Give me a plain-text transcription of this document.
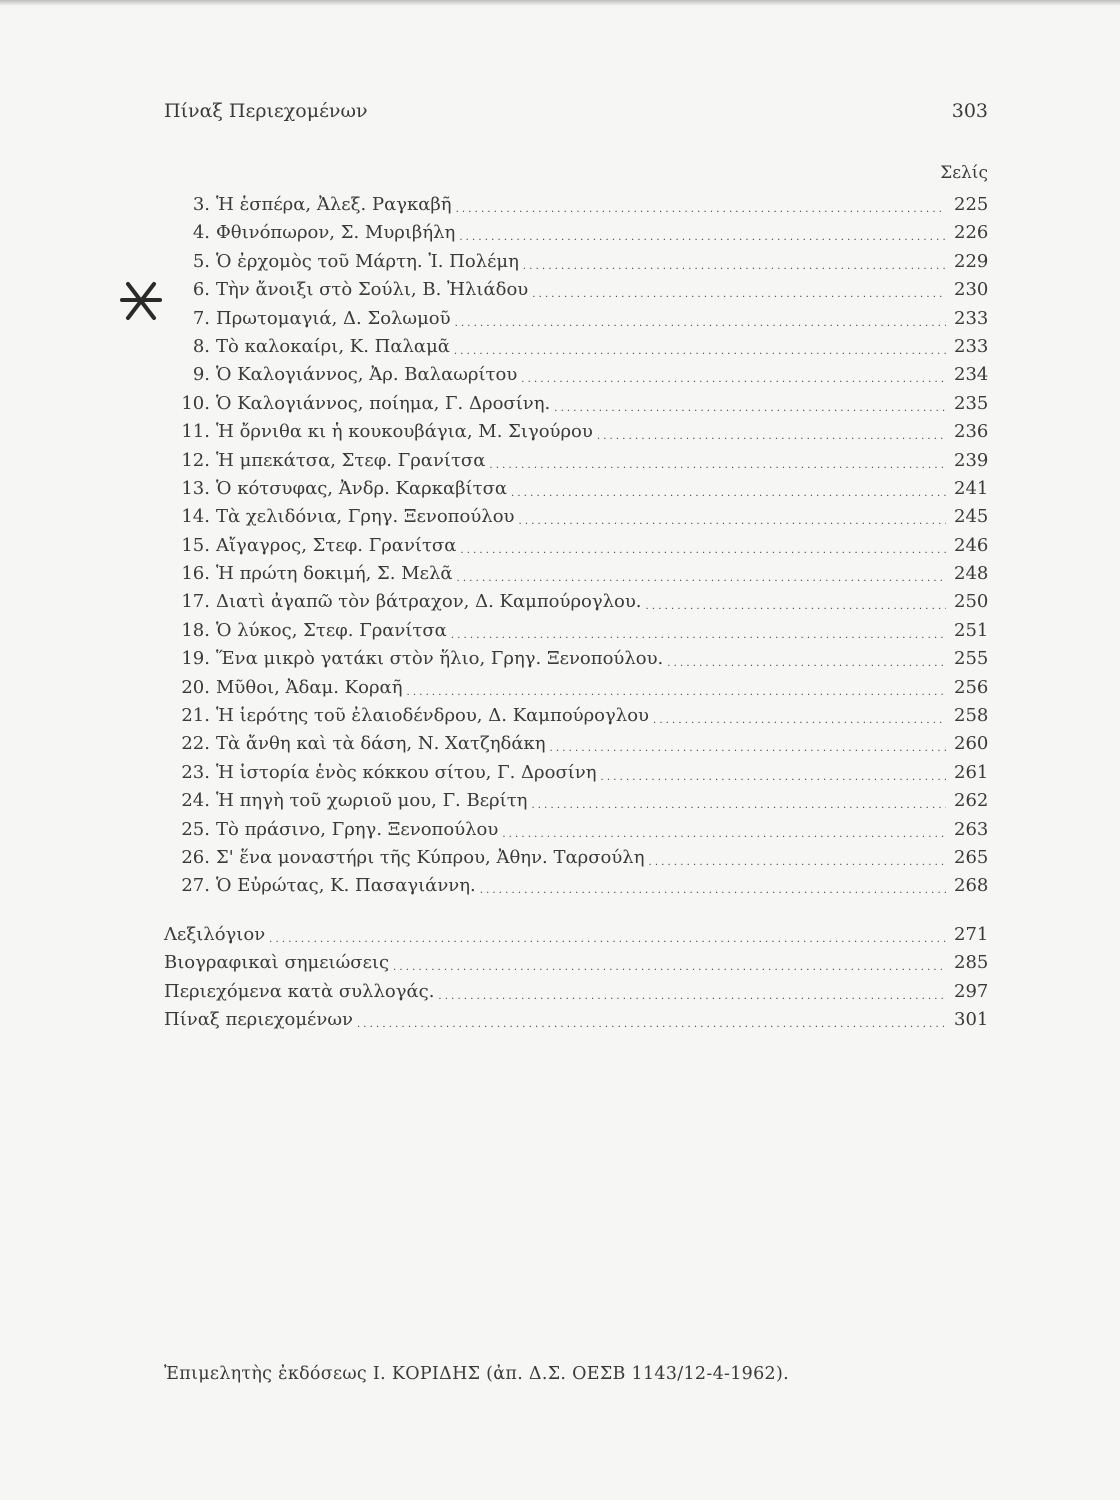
Πίναξ Περιεχομένων	303
Σελίς
3. Ἡ ἑσπέρα, Ἀλεξ. Ραγκαβῆ . . .	225
4. Φθινόπωρον, Σ. Μυριβήλη . . .	226
5. Ὁ ἐρχομὸς τοῦ Μάρτη. Ἰ. Πολέμη . . .	229
6. Τὴν ἄνοιξι στὸ Σούλι, Β. Ἠλιάδου . . .	230
7. Πρωτομαγιά, Δ. Σολωμοῦ . . .	233
8. Τὸ καλοκαίρι, Κ. Παλαμᾶ . . .	233
9. Ὁ Καλογιάννος, Ἀρ. Βαλαωρίτου . . .	234
10. Ὁ Καλογιάννος, ποίημα, Γ. Δροσίνη. . . .	235
11. Ἡ ὄρνιθα κι ἡ κουκουβάγια, Μ. Σιγούρου . . .	236
12. Ἡ μπεκάτσα, Στεφ. Γρανίτσα . . .	239
13. Ὁ κότσυφας, Ἀνδρ. Καρκαβίτσα . . .	241
14. Τὰ χελιδόνια, Γρηγ. Ξενοπούλου . . .	245
15. Αἴγαγρος, Στεφ. Γρανίτσα . . .	246
16. Ἡ πρώτη δοκιμή, Σ. Μελᾶ . . .	248
17. Διατὶ ἀγαπῶ τὸν βάτραχον, Δ. Καμπούρογλου. . . .	250
18. Ὁ λύκος, Στεφ. Γρανίτσα . . .	251
19. Ἕνα μικρὸ γατάκι στὸν ἥλιο, Γρηγ. Ξενοπούλου. . . .	255
20. Μῦθοι, Ἀδαμ. Κοραῆ . . .	256
21. Ἡ ἱερότης τοῦ ἐλαιοδένδρου, Δ. Καμπούρογλου . . .	258
22. Τὰ ἄνθη καὶ τὰ δάση, Ν. Χατζηδάκη . . .	260
23. Ἡ ἱστορία ἑνὸς κόκκου σίτου, Γ. Δροσίνη . . .	261
24. Ἡ πηγὴ τοῦ χωριοῦ μου, Γ. Βερίτη . . .	262
25. Τὸ πράσινο, Γρηγ. Ξενοπούλου . . .	263
26. Σ' ἕνα μοναστήρι τῆς Κύπρου, Ἀθην. Ταρσούλη . . .	265
27. Ὁ Εὐρώτας, Κ. Πασαγιάννη. . . .	268
Λεξιλόγιον . . .	271
Βιογραφικαὶ σημειώσεις . . .	285
Περιεχόμενα κατὰ συλλογάς. . . .	297
Πίναξ περιεχομένων . . .	301
Ἐπιμελητὴς ἐκδόσεως Ι. ΚΟΡΙΔΗΣ (ἀπ. Δ.Σ. ΟΕΣΒ 1143/12-4-1962).
